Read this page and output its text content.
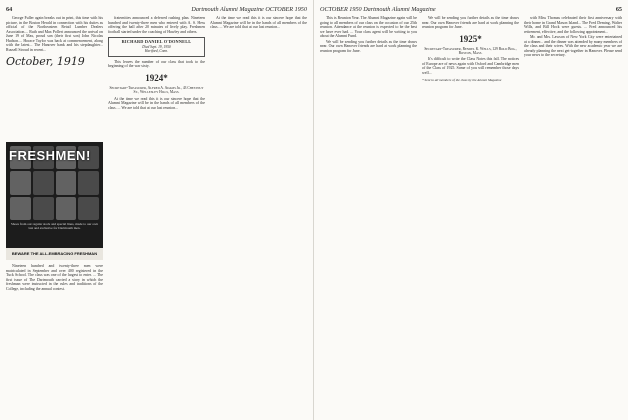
64	Dartmouth Alumni Magazine OCTOBER 1950

George Fuller again breaks out in print, this time with his picture, in the Boston Herald in connection with his duties as official of the Northeastern Retail Lumber Dealers Association.... Ruth and Max Pollert announced the arrival on June 19 of Max, proud son (their first son) John Nicolas Hudson.... Horace Taylor was back at commencement, along with the latest... The Hanover bank and his stepdaughter... Russell Stroud in recent...

October, 1919
FRESHMEN!
Shoes from our regular stock and special lines, made to our own last and exclusive for Dartmouth men.
BEWARE THE ALL-EMBRACING FRESHMAN

Nineteen hundred and twenty-three men were matriculated in September and over 400 registered in the Tuck School. The class was one of the largest to enter. ... The first issue of The Dartmouth carried a story in which the freshman were instructed in the rules and traditions of the College, including the annual contest.

fraternities announced a deferred rushing plan. Nineteen hundred and twenty-three men who entered with A. S. Hess offering the ball after 20 minutes of lively play. Freshmen football started under the coaching of Hawley and others.

RICHARD DANIEL O'DONNELL
Died Sept. 19, 1950
Hartford, Conn.

This leaves the number of our class that took to the beginning of the war sixty.

1924*
Secretary-Treasurer, Alfred A. Adams Jr., 43 Chestnut St., Wellesley Hills, Mass.

At the time we read this it is our sincere hope that the Alumni Magazine will be in the hands of all members of the class. ... We are told that at our last reunion...

At the time we read this it is our sincere hope that the Alumni Magazine will be in the hands of all members of the class. ... We are told that at our last reunion...

OCTOBER 1950 Dartmouth Alumni Magazine	65

This is Reunion Year. The Alumni Magazine again will be going to all members of our class on the occasion of our 25th reunion. Attendance at the reunion is expected to be the best we have ever had. ... Your class agent will be writing to you about the Alumni Fund.

We will be sending you further details as the time draws near. Our own Hanover friends are hard at work planning the reunion program for June.

We will be sending you further details as the time draws near. Our own Hanover friends are hard at work planning the reunion program for June.

1925*
Secretary-Treasurer, Rendel K. Wells, 129 Bold Bdg., Boston, Mass.

It's difficult to write the Class Notes this fall. The notices of Europe are of news again with Oxford and Cambridge men of the Class of 1925. Some of you will remember those days well...

* Sent to all members of the class by the Alumni Magazine

with Miss Thomas celebrated their first anniversary with their home in Grand Mason Island... The Fred Deming, Walter Wills, and Bill Hock were guests. ... Fred announced his retirement, effective, and the following appointment...

Mr. and Mrs. Lawson of New York City were entertained at a dinner... and the dinner was attended by many members of the class and their wives. With the new academic year we are already planning the next get-together in Hanover. Please send your news to the secretary.
